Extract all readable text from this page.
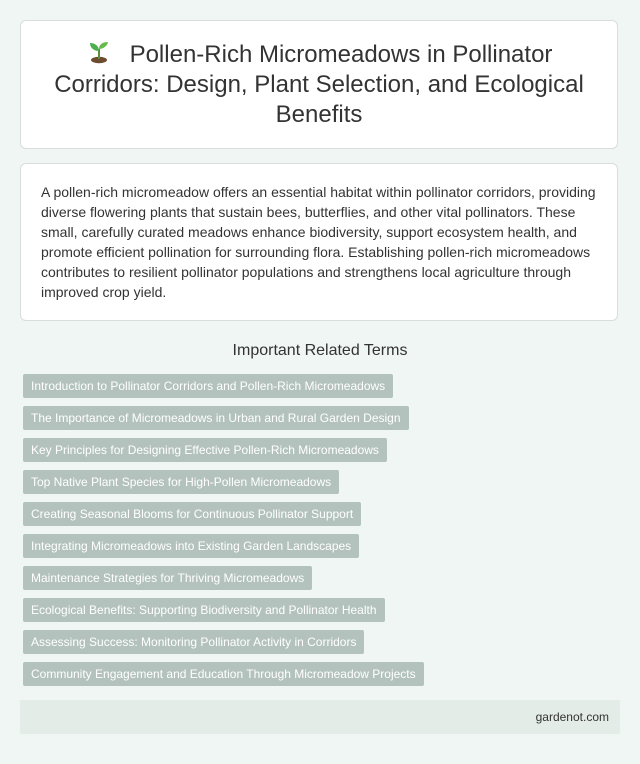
Pollen-Rich Micromeadows in Pollinator Corridors: Design, Plant Selection, and Ecological Benefits

A pollen-rich micromeadow offers an essential habitat within pollinator corridors, providing diverse flowering plants that sustain bees, butterflies, and other vital pollinators. These small, carefully curated meadows enhance biodiversity, support ecosystem health, and promote efficient pollination for surrounding flora. Establishing pollen-rich micromeadows contributes to resilient pollinator populations and strengthens local agriculture through improved crop yield.

Important Related Terms
Introduction to Pollinator Corridors and Pollen-Rich Micromeadows
The Importance of Micromeadows in Urban and Rural Garden Design
Key Principles for Designing Effective Pollen-Rich Micromeadows
Top Native Plant Species for High-Pollen Micromeadows
Creating Seasonal Blooms for Continuous Pollinator Support
Integrating Micromeadows into Existing Garden Landscapes
Maintenance Strategies for Thriving Micromeadows
Ecological Benefits: Supporting Biodiversity and Pollinator Health
Assessing Success: Monitoring Pollinator Activity in Corridors
Community Engagement and Education Through Micromeadow Projects
gardenot.com
